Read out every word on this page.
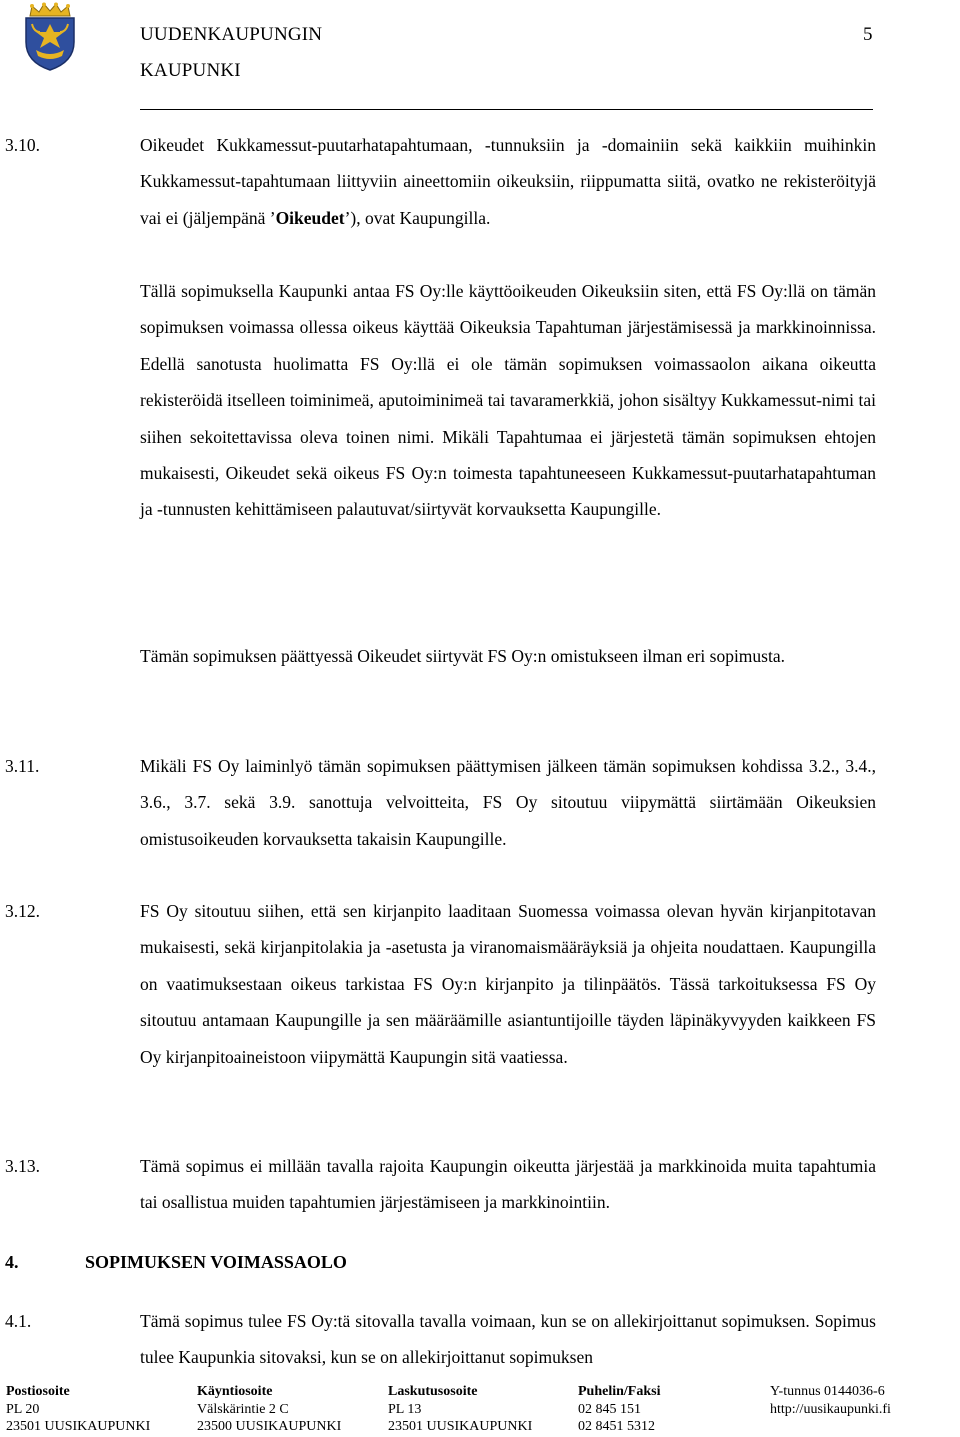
UUDENKAUPUNGIN
KAUPUNKI
5
3.10.	Oikeudet Kukkamessut-puutarhatapahtumaan, -tunnuksiin ja -domainiin sekä kaikkiin muihinkin Kukkamessut-tapahtumaan liittyviin aineettomiin oikeuksiin, riippumatta siitä, ovatko ne rekisteröityjä vai ei (jäljempänä ’Oikeudet’), ovat Kaupungilla.
Tällä sopimuksella Kaupunki antaa FS Oy:lle käyttöoikeuden Oikeuksiin siten, että FS Oy:llä on tämän sopimuksen voimassa ollessa oikeus käyttää Oikeuksia Tapahtuman järjestämisessä ja markkinoinnissa. Edellä sanotusta huolimatta FS Oy:llä ei ole tämän sopimuksen voimassaolon aikana oikeutta rekisteröidä itselleen toiminimeä, aputoiminimeä tai tavaramerkkiä, johon sisältyy Kukkamessut-nimi tai siihen sekoitettavissa oleva toinen nimi. Mikäli Tapahtumaa ei järjestetä tämän sopimuksen ehtojen mukaisesti, Oikeudet sekä oikeus FS Oy:n toimesta tapahtuneeseen Kukkamessut-puutarhatapahtuman ja -tunnusten kehittämiseen palautuvat/siirtyvät korvauksetta Kaupungille.
Tämän sopimuksen päättyessä Oikeudet siirtyvät FS Oy:n omistukseen ilman eri sopimusta.
3.11.	Mikäli FS Oy laiminlyö tämän sopimuksen päättymisen jälkeen tämän sopimuksen kohdissa 3.2., 3.4., 3.6., 3.7. sekä 3.9. sanottuja velvoitteita, FS Oy sitoutuu viipymättä siirtämään Oikeuksien omistusoikeuden korvauksetta takaisin Kaupungille.
3.12.	FS Oy sitoutuu siihen, että sen kirjanpito laaditaan Suomessa voimassa olevan hyvän kirjanpitotavan mukaisesti, sekä kirjanpitolakia ja -asetusta ja viranomaismääräyksiä ja ohjeita noudattaen. Kaupungilla on vaatimuksestaan oikeus tarkistaa FS Oy:n kirjanpito ja tilinpäätös. Tässä tarkoituksessa FS Oy sitoutuu antamaan Kaupungille ja sen määräämille asiantuntijoille täyden läpinäkyvyyden kaikkeen FS Oy kirjanpitoaineistoon viipymättä Kaupungin sitä vaatiessa.
3.13.	Tämä sopimus ei millään tavalla rajoita Kaupungin oikeutta järjestää ja markkinoida muita tapahtumia tai osallistua muiden tapahtumien järjestämiseen ja markkinointiin.
4.	SOPIMUKSEN VOIMASSAOLO
4.1.	Tämä sopimus tulee FS Oy:tä sitovalla tavalla voimaan, kun se on allekirjoittanut sopimuksen. Sopimus tulee Kaupunkia sitovaksi, kun se on allekirjoittanut sopimuksen
Postiosoite
PL 20
23501 UUSIKAUPUNKI
Käyntiosoite
Välskärintie 2 C
23500 UUSIKAUPUNKI
Laskutusosoite
PL 13
23501 UUSIKAUPUNKI
Puhelin/Faksi
02 845 151
02 8451 5312
Y-tunnus 0144036-6
http://uusikaupunki.fi
